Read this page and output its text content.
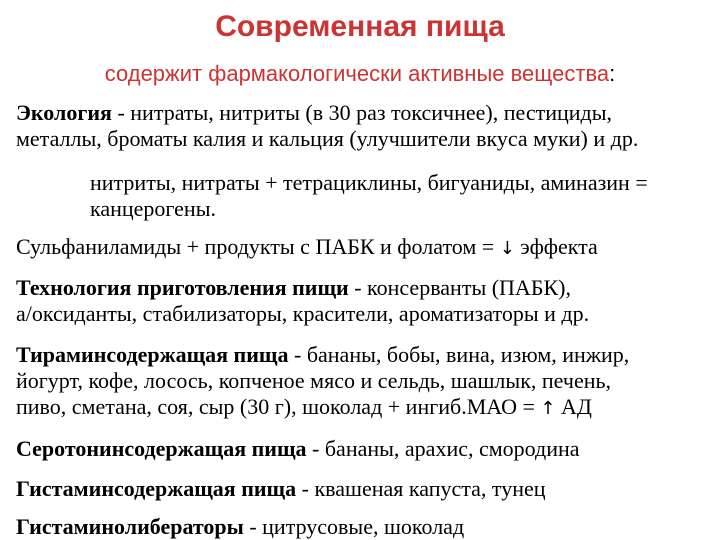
Современная пища
содержит фармакологически активные вещества:
Экология - нитраты, нитриты (в 30 раз токсичнее), пестициды,
металлы, броматы калия и кальция (улучшители вкуса муки) и др.
нитриты, нитраты + тетрациклины, бигуаниды, аминазин =
канцерогены.
Сульфаниламиды + продукты с ПАБК и фолатом = ↓ эффекта
Технология приготовления пищи - консерванты (ПАБК),
а/оксиданты, стабилизаторы, красители, ароматизаторы и др.
Тираминсодержащая пища - бананы, бобы, вина, изюм, инжир,
йогурт, кофе, лосось, копченое мясо и сельдь, шашлык, печень,
пиво, сметана, соя, сыр (30 г), шоколад + ингиб.МАО = ↑ АД
Серотонинсодержащая пища - бананы, арахис, смородина
Гистаминсодержащая пища - квашеная капуста, тунец
Гистаминолибераторы - цитрусовые, шоколад
